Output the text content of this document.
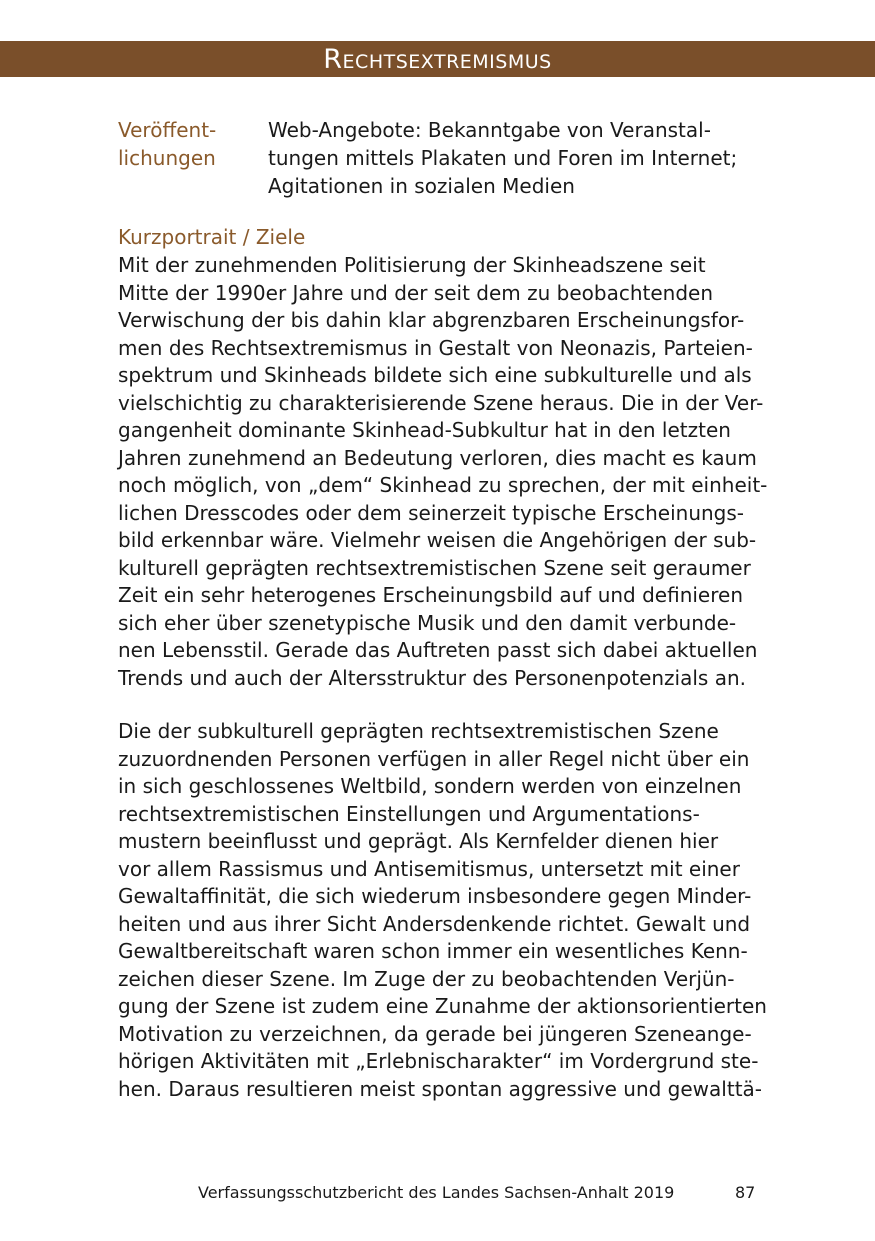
Rechtsextremismus
Veröffent-
lichungen
Web-Angebote: Bekanntgabe von Veranstal-
tungen mittels Plakaten und Foren im Internet;
Agitationen in sozialen Medien
Kurzportrait / Ziele
Mit der zunehmenden Politisierung der Skinheadszene seit
Mitte der 1990er Jahre und der seit dem zu beobachtenden
Verwischung der bis dahin klar abgrenzbaren Erscheinungsfor-
men des Rechtsextremismus in Gestalt von Neonazis, Parteien-
spektrum und Skinheads bildete sich eine subkulturelle und als
vielschichtig zu charakterisierende Szene heraus. Die in der Ver-
gangenheit dominante Skinhead-Subkultur hat in den letzten
Jahren zunehmend an Bedeutung verloren, dies macht es kaum
noch möglich, von „dem“ Skinhead zu sprechen, der mit einheit-
lichen Dresscodes oder dem seinerzeit typische Erscheinungs-
bild erkennbar wäre. Vielmehr weisen die Angehörigen der sub-
kulturell geprägten rechtsextremistischen Szene seit geraumer
Zeit ein sehr heterogenes Erscheinungsbild auf und definieren
sich eher über szenetypische Musik und den damit verbunde-
nen Lebensstil. Gerade das Auftreten passt sich dabei aktuellen
Trends und auch der Altersstruktur des Personenpotenzials an.
Die der subkulturell geprägten rechtsextremistischen Szene
zuzuordnenden Personen verfügen in aller Regel nicht über ein
in sich geschlossenes Weltbild, sondern werden von einzelnen
rechtsextremistischen Einstellungen und Argumentations-
mustern beeinflusst und geprägt. Als Kernfelder dienen hier
vor allem Rassismus und Antisemitismus, untersetzt mit einer
Gewaltaffinität, die sich wiederum insbesondere gegen Minder-
heiten und aus ihrer Sicht Andersdenkende richtet. Gewalt und
Gewaltbereitschaft waren schon immer ein wesentliches Kenn-
zeichen dieser Szene. Im Zuge der zu beobachtenden Verjün-
gung der Szene ist zudem eine Zunahme der aktionsorientierten
Motivation zu verzeichnen, da gerade bei jüngeren Szeneange-
hörigen Aktivitäten mit „Erlebnischarakter“ im Vordergrund ste-
hen. Daraus resultieren meist spontan aggressive und gewalttä-
Verfassungsschutzbericht des Landes Sachsen-Anhalt 2019	87
